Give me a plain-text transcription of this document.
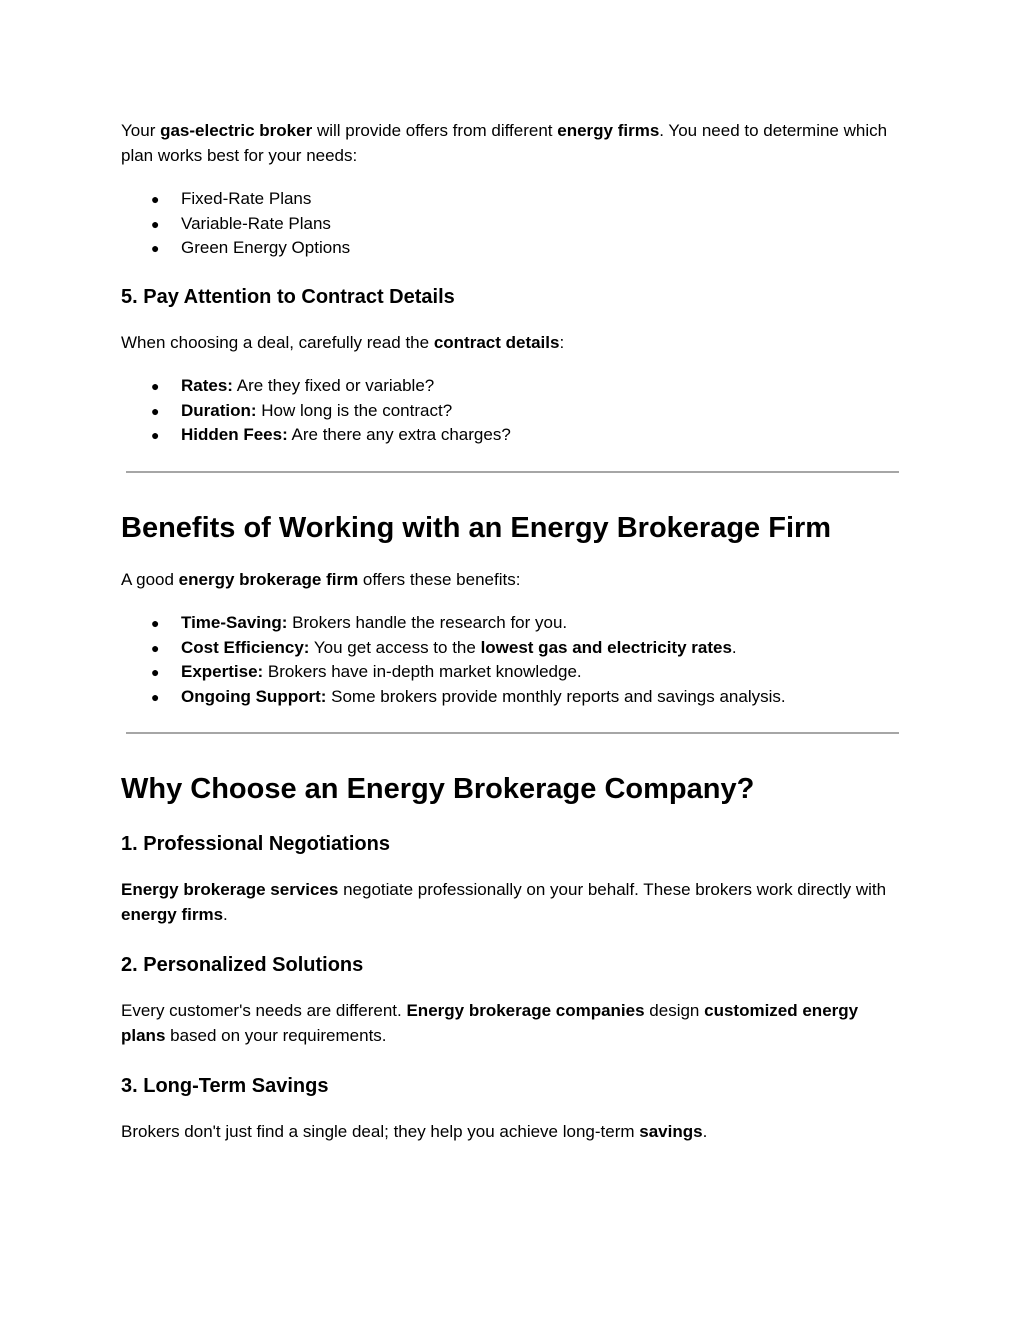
Your gas-electric broker will provide offers from different energy firms. You need to determine which plan works best for your needs:

● Fixed-Rate Plans
● Variable-Rate Plans
● Green Energy Options
5. Pay Attention to Contract Details

When choosing a deal, carefully read the contract details:

● Rates: Are they fixed or variable?
● Duration: How long is the contract?
● Hidden Fees: Are there any extra charges?
Benefits of Working with an Energy Brokerage Firm

A good energy brokerage firm offers these benefits:

● Time-Saving: Brokers handle the research for you.
● Cost Efficiency: You get access to the lowest gas and electricity rates.
● Expertise: Brokers have in-depth market knowledge.
● Ongoing Support: Some brokers provide monthly reports and savings analysis.
Why Choose an Energy Brokerage Company?
1. Professional Negotiations

Energy brokerage services negotiate professionally on your behalf. These brokers work directly with energy firms.

2. Personalized Solutions

Every customer's needs are different. Energy brokerage companies design customized energy plans based on your requirements.

3. Long-Term Savings

Brokers don't just find a single deal; they help you achieve long-term savings.
